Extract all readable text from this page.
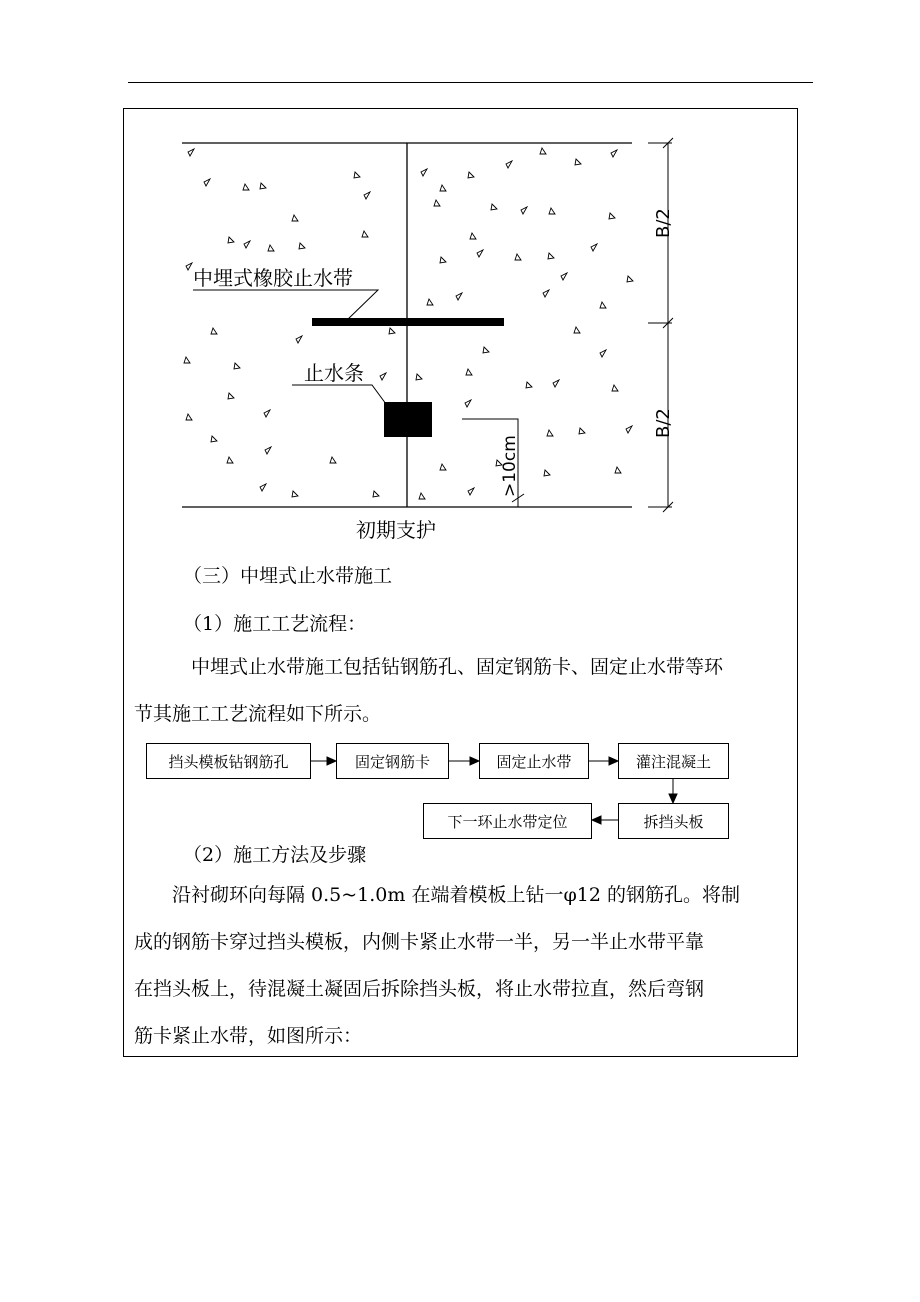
中埋式橡胶止水带
止水条
B/2
B/2
>10cm
初期支护
（三）中埋式止水带施工
（1）施工工艺流程：
中埋式止水带施工包括钻钢筋孔、固定钢筋卡、固定止水带等环
节其施工工艺流程如下所示。
挡头模板钻钢筋孔	固定钢筋卡	固定止水带	灌注混凝土
拆挡头板
下一环止水带定位
（2）施工方法及步骤
沿衬砌环向每隔 0.5~1.0m 在端着模板上钻一φ12 的钢筋孔。将制
成的钢筋卡穿过挡头模板，内侧卡紧止水带一半，另一半止水带平靠
在挡头板上，待混凝土凝固后拆除挡头板，将止水带拉直，然后弯钢
筋卡紧止水带，如图所示：
